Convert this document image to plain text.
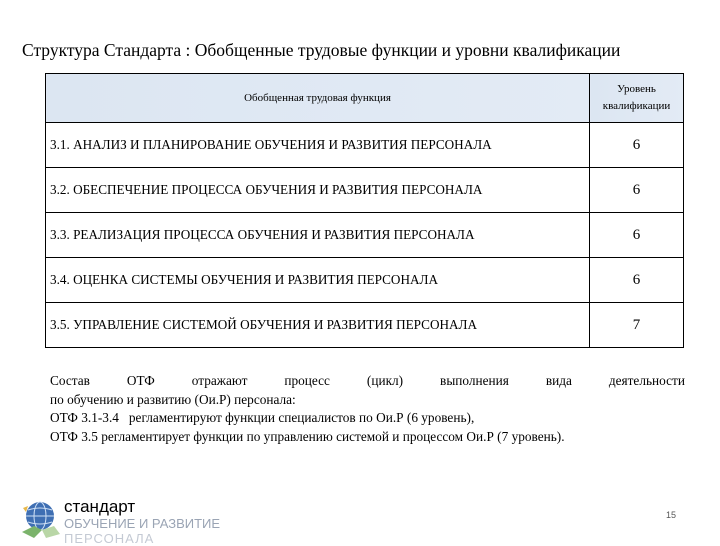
Структура Стандарта : Обобщенные трудовые функции и уровни квалификации
Обобщенная трудовая функция	Уровень
квалификации

3.1. АНАЛИЗ И ПЛАНИРОВАНИЕ ОБУЧЕНИЯ И РАЗВИТИЯ ПЕРСОНАЛА	6
3.2. ОБЕСПЕЧЕНИЕ ПРОЦЕССА ОБУЧЕНИЯ И РАЗВИТИЯ ПЕРСОНАЛА	6
3.3. РЕАЛИЗАЦИЯ ПРОЦЕССА ОБУЧЕНИЯ И РАЗВИТИЯ ПЕРСОНАЛА	6
3.4. ОЦЕНКА СИСТЕМЫ ОБУЧЕНИЯ И РАЗВИТИЯ ПЕРСОНАЛА	6
3.5. УПРАВЛЕНИЕ СИСТЕМОЙ ОБУЧЕНИЯ И РАЗВИТИЯ ПЕРСОНАЛА	7
Состав	ОТФ	отражают	процесс	(цикл)	выполнения	вида	деятельности
по обучению и развитию (Ои.Р) персонала:
ОТФ 3.1-3.4   регламентируют функции специалистов по Ои.Р (6 уровень),
ОТФ 3.5 регламентирует функции по управлению системой и процессом Ои.Р (7 уровень).
стандарт
ОБУЧЕНИЕ И РАЗВИТИЕ
ПЕРСОНАЛА
15
